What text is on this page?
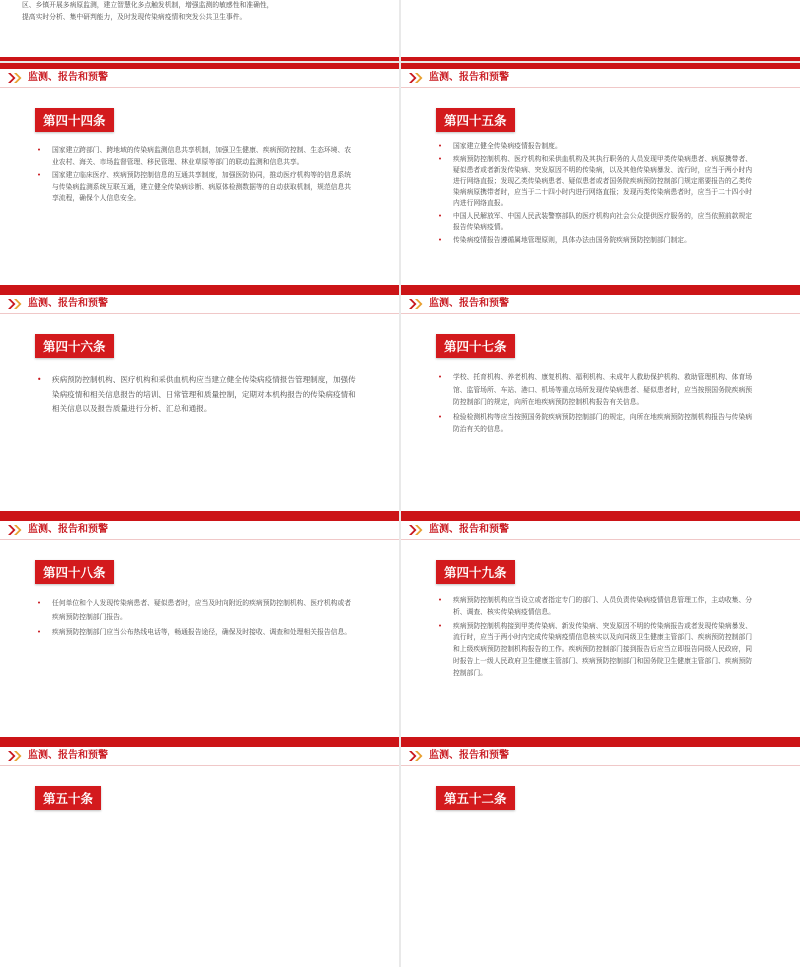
区、乡镇开展多病原监测，建立智慧化多点触发机制，增强监测的敏感性和准确性，
提高实时分析、集中研判能力，及时发现传染病疫情和突发公共卫生事件。
监测、报告和预警
第四十四条
• 国家建立跨部门、跨地域的传染病监测信息共享机制，加强卫生健康、疾病预防控制、生态环境、农业农村、海关、市场监督管理、移民管理、林业草原等部门的联动监测和信息共享。
• 国家建立临床医疗、疾病预防控制信息的互通共享制度，加强医防协同，推动医疗机构等的信息系统与传染病监测系统互联互通，建立健全传染病诊断、病原体检测数据等的自动获取机制，规范信息共享流程，确保个人信息安全。
监测、报告和预警
第四十五条
• 国家建立健全传染病疫情报告制度。
• 疾病预防控制机构、医疗机构和采供血机构及其执行职务的人员发现甲类传染病患者、病原携带者、疑似患者或者新发传染病、突发原因不明的传染病，以及其他传染病暴发、流行时，应当于两小时内进行网络直报；发现乙类传染病患者、疑似患者或者国务院疾病预防控制部门规定需要报告的乙类传染病病原携带者时，应当于二十四小时内进行网络直报；发现丙类传染病患者时，应当于二十四小时内进行网络直报。
• 中国人民解放军、中国人民武装警察部队的医疗机构向社会公众提供医疗服务的，应当依照前款规定报告传染病疫情。
• 传染病疫情报告遵循属地管理原则，具体办法由国务院疾病预防控制部门制定。
监测、报告和预警
第四十六条
• 疾病预防控制机构、医疗机构和采供血机构应当建立健全传染病疫情报告管理制度，加强传染病疫情和相关信息报告的培训、日常管理和质量控制，定期对本机构报告的传染病疫情和相关信息以及报告质量进行分析、汇总和通报。
监测、报告和预警
第四十七条
• 学校、托育机构、养老机构、康复机构、福利机构、未成年人救助保护机构、救助管理机构、体育场馆、监管场所、车站、港口、机场等重点场所发现传染病患者、疑似患者时，应当按照国务院疾病预防控制部门的规定，向所在地疾病预防控制机构报告有关信息。
• 检验检测机构等应当按照国务院疾病预防控制部门的规定，向所在地疾病预防控制机构报告与传染病防治有关的信息。
监测、报告和预警
第四十八条
• 任何单位和个人发现传染病患者、疑似患者时，应当及时向附近的疾病预防控制机构、医疗机构或者疾病预防控制部门报告。
• 疾病预防控制部门应当公布热线电话等，畅通报告途径，确保及时接收、调查和处理相关报告信息。
监测、报告和预警
第四十九条
• 疾病预防控制机构应当设立或者指定专门的部门、人员负责传染病疫情信息管理工作，主动收集、分析、调查、核实传染病疫情信息。
• 疾病预防控制机构接到甲类传染病、新发传染病、突发原因不明的传染病报告或者发现传染病暴发、流行时，应当于两小时内完成传染病疫情信息核实以及向同级卫生健康主管部门、疾病预防控制部门和上级疾病预防控制机构报告的工作。疾病预防控制部门接到报告后应当立即报告同级人民政府，同时报告上一级人民政府卫生健康主管部门、疾病预防控制部门和国务院卫生健康主管部门、疾病预防控制部门。
监测、报告和预警
第五十条
监测、报告和预警
第五十二条
